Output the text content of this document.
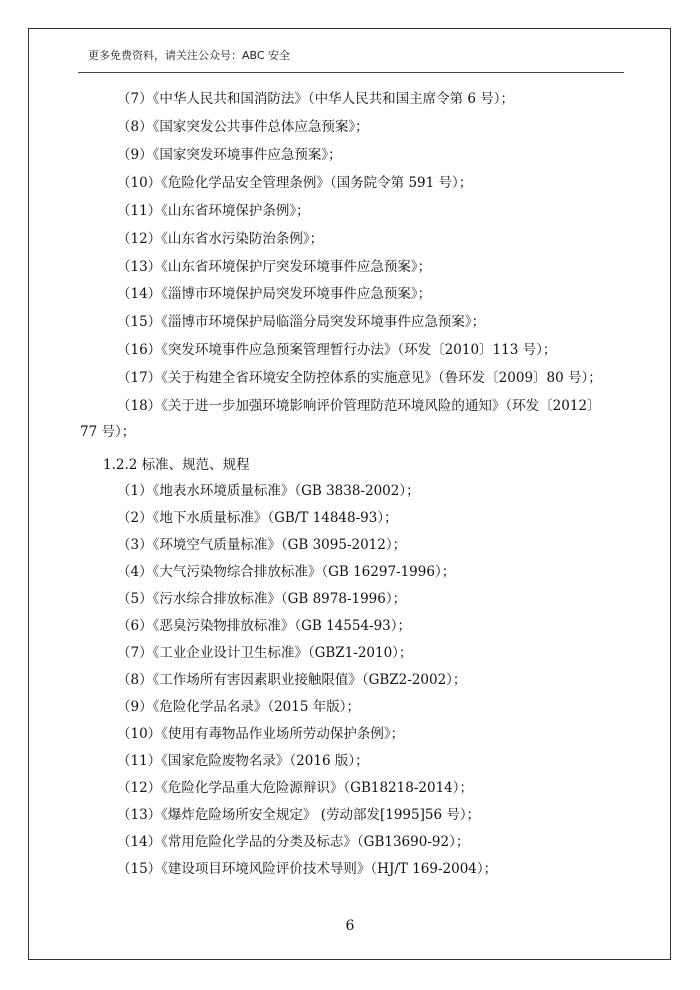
更多免费资料，请关注公众号：ABC 安全
（7）《中华人民共和国消防法》（中华人民共和国主席令第 6 号）；
（8）《国家突发公共事件总体应急预案》；
（9）《国家突发环境事件应急预案》；
（10）《危险化学品安全管理条例》（国务院令第 591 号）；
（11）《山东省环境保护条例》；
（12）《山东省水污染防治条例》；
（13）《山东省环境保护厅突发环境事件应急预案》；
（14）《淄博市环境保护局突发环境事件应急预案》；
（15）《淄博市环境保护局临淄分局突发环境事件应急预案》；
（16）《突发环境事件应急预案管理暂行办法》（环发〔2010〕113 号）；
（17）《关于构建全省环境安全防控体系的实施意见》（鲁环发〔2009〕80 号）；
（18）《关于进一步加强环境影响评价管理防范环境风险的通知》（环发〔2012〕
77 号）；
1.2.2 标准、规范、规程
（1）《地表水环境质量标准》（GB 3838-2002）；
（2）《地下水质量标准》（GB/T 14848-93）；
（3）《环境空气质量标准》（GB 3095-2012）；
（4）《大气污染物综合排放标准》（GB 16297-1996）；
（5）《污水综合排放标准》（GB 8978-1996）；
（6）《恶臭污染物排放标准》（GB 14554-93）；
（7）《工业企业设计卫生标准》（GBZ1-2010）；
（8）《工作场所有害因素职业接触限值》（GBZ2-2002）；
（9）《危险化学品名录》（2015 年版）；
（10）《使用有毒物品作业场所劳动保护条例》；
（11）《国家危险废物名录》（2016 版）；
（12）《危险化学品重大危险源辩识》（GB18218-2014）；
（13）《爆炸危险场所安全规定》 (劳动部发[1995]56 号）；
（14）《常用危险化学品的分类及标志》（GB13690-92）；
（15）《建设项目环境风险评价技术导则》（HJ/T 169-2004）；
6
